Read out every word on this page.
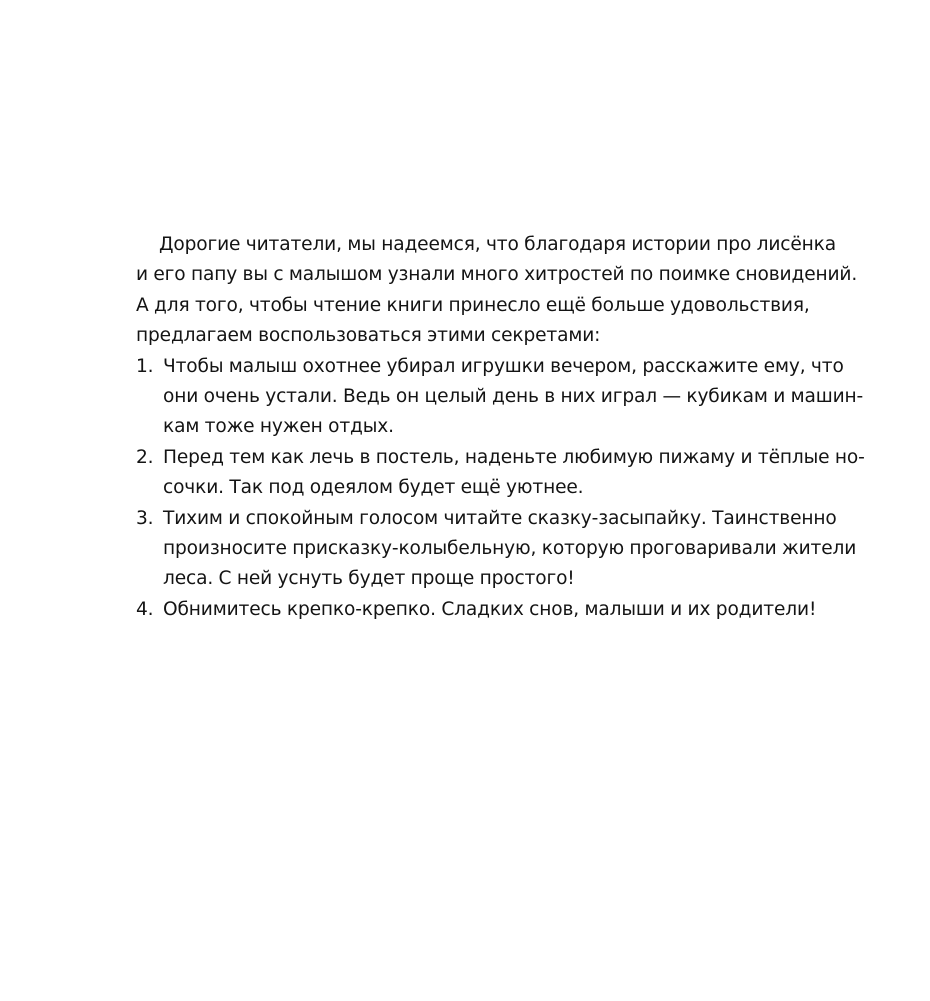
Дорогие читатели, мы надеемся, что благодаря истории про лисёнка
и его папу вы с малышом узнали много хитростей по поимке сновидений.
А для того, чтобы чтение книги принесло ещё больше удовольствия,
предлагаем воспользоваться этими секретами:
1. Чтобы малыш охотнее убирал игрушки вечером, расскажите ему, что
они очень устали. Ведь он целый день в них играл — кубикам и машин-
кам тоже нужен отдых.
2. Перед тем как лечь в постель, наденьте любимую пижаму и тёплые но-
сочки. Так под одеялом будет ещё уютнее.
3. Тихим и спокойным голосом читайте сказку-засыпайку. Таинственно
произносите присказку-колыбельную, которую проговаривали жители
леса. С ней уснуть будет проще простого!
4. Обнимитесь крепко-крепко. Сладких снов, малыши и их родители!
